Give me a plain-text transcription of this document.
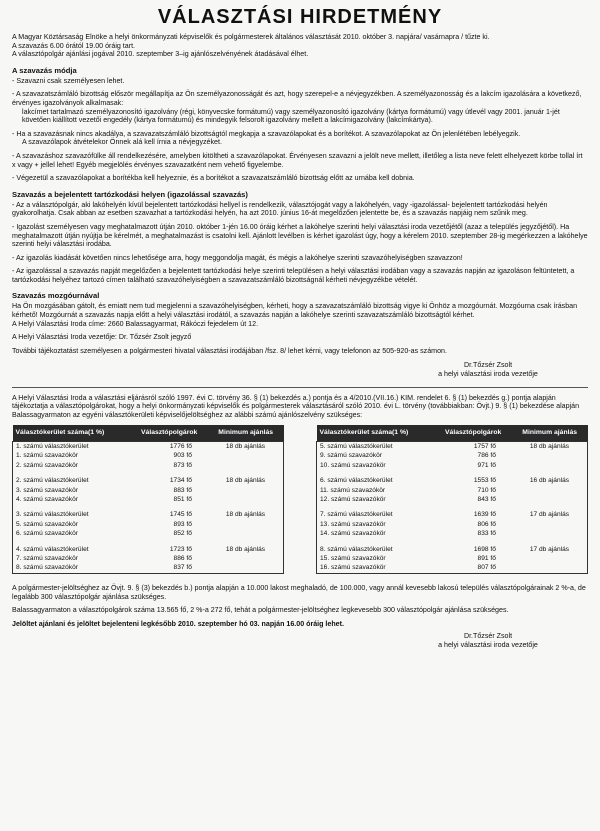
VÁLASZTÁSI HIRDETMÉNY

A Magyar Köztársaság Elnöke a helyi önkormányzati képviselők és polgármesterek általános választását 2010. október 3. napjára/ vasárnapra / tűzte ki.

A szavazás 6.00 órától 19.00 óráig tart.

A választópolgár ajánlási jogával 2010. szeptember 3–ig ajánlószelvényének átadásával élhet.

A szavazás módja

- Szavazni csak személyesen lehet.

- A szavazatszámláló bizottság először megállapítja az Ön személyazonosságát és azt, hogy szerepel-e a névjegyzékben. A személyazonosság és a lakcím igazolására a következő, érvényes igazolványok alkalmasak:

lakcímet tartalmazó személyazonosító igazolvány (régi, könyvecske formátumú) vagy személyazonosító igazolvány (kártya formátumú) vagy útlevél vagy 2001. január 1-jét követően kiállított vezetői engedély (kártya formátumú) és mindegyik felsorolt igazolvány mellett a lakcímigazolvány (lakcímkártya).

- Ha a szavazásnak nincs akadálya, a szavazatszámláló bizottságtól megkapja a szavazólapokat és a borítékot. A szavazólapokat az Ön jelenlétében lebélyegzik.

A szavazólapok átvételekor Önnek alá kell írnia a névjegyzéket.

- A szavazáshoz szavazófülke áll rendelkezésére, amelyben kitöltheti a szavazólapokat. Érvényesen szavazni a jelölt neve mellett, illetőleg a lista neve felett elhelyezett körbe tollal írt x vagy + jellel lehet! Egyéb megjelölés érvényes szavazatként nem vehető figyelembe.

- Végezetül a szavazólapokat a borítékba kell helyeznie, és a borítékot a szavazatszámláló bizottság előtt az urnába kell dobnia.

Szavazás a bejelentett tartózkodási helyen (igazolással szavazás)

- Az a választópolgár, aki lakóhelyén kívül bejelentett tartózkodási hellyel is rendelkezik, választójogát vagy a lakóhelyén, vagy -igazolással- bejelentett tartózkodási helyén gyakorolhatja. Csak abban az esetben szavazhat a tartózkodási helyén, ha azt 2010. június 16-át megelőzően jelentette be, és a szavazás napjáig nem szűnik meg.

- Igazolást személyesen vagy meghatalmazott útján 2010. október 1-jén 16.00 óráig kérhet a lakóhelye szerinti helyi választási iroda vezetőjétől (azaz a település jegyzőjétől). Ha meghatalmazott útján nyújtja be kérelmét, a meghatalmazást is csatolni kell. Ajánlott levélben is kérhet igazolást úgy, hogy a kérelem 2010. szeptember 28-ig megérkezzen a lakóhelye szerinti helyi választási irodába.

- Az igazolás kiadását követően nincs lehetősége arra, hogy meggondolja magát, és mégis a lakóhelye szerinti szavazóhelyiségben szavazzon!

- Az igazolással a szavazás napját megelőzően a bejelentett tartózkodási helye szerinti településen a helyi választási irodában vagy a szavazás napján az igazoláson feltüntetett, a tartózkodási helyéhez tartozó címen található szavazóhelyiségben a szavazatszámláló bizottságnál kérheti névjegyzékbe vételét.

Szavazás mozgóurnával

Ha Ön mozgásában gátolt, és emiatt nem tud megjelenni a szavazóhelyiségben, kérheti, hogy a szavazatszámláló bizottság vigye ki Önhöz a mozgóurnát. Mozgóurna csak írásban kérhető! Mozgóurnát a szavazás napja előtt a helyi választási irodától, a szavazás napján a lakóhelye szerinti szavazatszámláló bizottságtól kérhet.

A Helyi Választási Iroda címe: 2660 Balassagyarmat, Rákóczi fejedelem út 12.

A Helyi Választási Iroda vezetője: Dr. Tőzsér Zsolt jegyző

További tájékoztatást személyesen a polgármesteri hivatal választási irodájában /fsz. 8/ lehet kérni, vagy telefonon az 505-920-as számon.

Dr.Tőzsér Zsolt
a helyi választási iroda vezetője

A Helyi Választási Iroda a választási eljárásról szóló 1997. évi C. törvény 36. § (1) bekezdés a.) pontja és a 4/2010.(VII.16.) KIM. rendelet 6. § (1) bekezdés g.) pontja alapján tájékoztatja a választópolgárokat, hogy a helyi önkormányzati képviselők és polgármesterek választásáról szóló 2010. évi L. törvény (továbbiakban: Övjt.) 9. § (1) bekezdése alapján Balassagyarmaton az egyéni választókerületi képviselőjelöltséghez az alábbi számú ajánlószelvény szükséges:

Választókerület száma(1 %)	Választópolgárok	Minimum ajánlás
1. számú választókerület	1776 fő	18 db ajánlás
1. számú szavazókör	903 fő	
2. számú szavazókör	873 fő	

2. számú választókerület	1734 fő	18 db ajánlás
3. számú szavazókör	883 fő	
4. számú szavazókör	851 fő	

3. számú választókerület	1745 fő	18 db ajánlás
5. számú szavazókör	893 fő	
6. számú szavazókör	852 fő	

4. számú választókerület	1723 fő	18 db ajánlás
7. számú szavazókör	886 fő	
8. számú szavazókör	837 fő	
Választókerület száma(1 %)	Választópolgárok	Minimum ajánlás
5. számú választókerület	1757 fő	18 db ajánlás
9. számú szavazókör	786 fő	
10. számú szavazókör	971 fő	

6. számú választókerület	1553 fő	16 db ajánlás
11. számú szavazókör	710 fő	
12. számú szavazókör	843 fő	

7. számú választókerület	1639 fő	17 db ajánlás
13. számú szavazókör	806 fő	
14. számú szavazókör	833 fő	

8. számú választókerület	1698 fő	17 db ajánlás
15. számú szavazókör	891 fő	
16. számú szavazókör	807 fő	

A polgármester-jelöltséghez az Övjt. 9. § (3) bekezdés b.) pontja alapján a 10.000 lakost meghaladó, de 100.000, vagy annál kevesebb lakosú település választópolgárainak 2 %-a, de legalább 300 választópolgár ajánlása szükséges.

Balassagyarmaton a választópolgárok száma 13.565 fő, 2 %-a 272 fő, tehát a polgármester-jelöltséghez legkevesebb 300 választópolgár ajánlása szükséges.

Jelöltet ajánlani és jelöltet bejelenteni legkésőbb 2010. szeptember hó 03. napján 16.00 óráig lehet.

Dr.Tőzsér Zsolt
a helyi választási iroda vezetője
